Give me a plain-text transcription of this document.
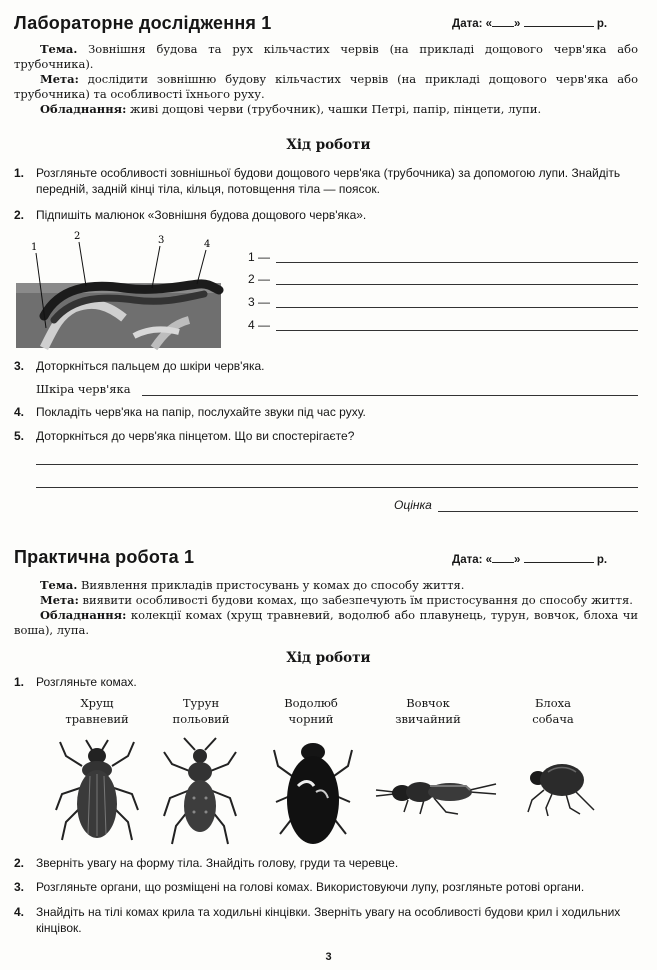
Лабораторне дослідження 1	Дата: « »	р.
Тема. Зовнішня будова та рух кільчастих червів (на прикладі дощового черв'яка або трубочника).
Мета: дослідити зовнішню будову кільчастих червів (на прикладі дощового черв'яка або трубочника) та особливості їхнього руху.
Обладнання: живі дощові черви (трубочник), чашки Петрі, папір, пінцети, лупи.
Хід роботи
1. Розгляньте особливості зовнішньої будови дощового черв'яка (трубочника) за допомогою лупи. Знайдіть передній, задній кінці тіла, кільця, потовщення тіла — поясок.
2. Підпишіть малюнок «Зовнішня будова дощового черв'яка».
1
2	3	4
1 —
2 —
3 —
4 —
3. Доторкніться пальцем до шкіри черв'яка.
Шкіра черв'яка
4. Покладіть черв'яка на папір, послухайте звуки під час руху.
5. Доторкніться до черв'яка пінцетом. Що ви спостерігаєте?
Оцінка
Практична робота 1	Дата: « »	р.
Тема. Виявлення прикладів пристосувань у комах до способу життя.
Мета: виявити особливості будови комах, що забезпечують їм пристосування до способу життя.
Обладнання: колекції комах (хрущ травневий, водолюб або плавунець, турун, вовчок, блоха чи воша), лупа.
Хід роботи
1. Розгляньте комах.
Хрущ
травневий
Турун
польовий
Водолюб
чорний
Вовчок
звичайний
Блоха
собача
2. Зверніть увагу на форму тіла. Знайдіть голову, груди та черевце.
3. Розгляньте органи, що розміщені на голові комах. Використовуючи лупу, розгляньте ротові органи.
4. Знайдіть на тілі комах крила та ходильні кінцівки. Зверніть увагу на особливості будови крил і ходильних кінцівок.
3
